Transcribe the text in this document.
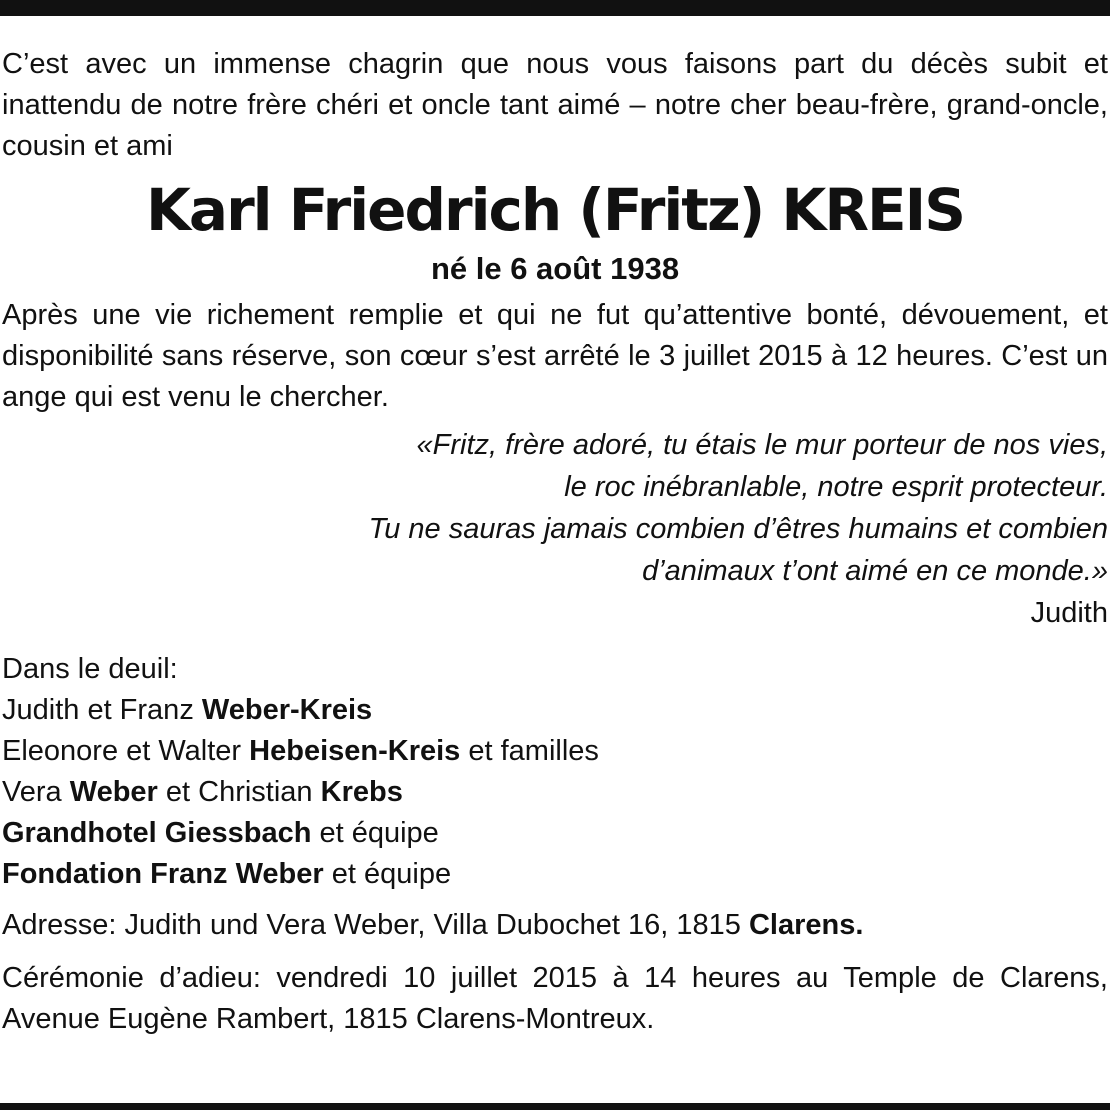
C’est avec un immense chagrin que nous vous faisons part du décès subit et inattendu de notre frère chéri et oncle tant aimé – notre cher beau-frère, grand-oncle, cousin et ami

Karl Friedrich (Fritz) KREIS

né le 6 août 1938

Après une vie richement remplie et qui ne fut qu’attentive bonté, dévouement, et disponibilité sans réserve, son cœur s’est arrêté le 3 juillet 2015 à 12 heures. C’est un ange qui est venu le chercher.

«Fritz, frère adoré, tu étais le mur porteur de nos vies,
le roc inébranlable, notre esprit protecteur.
Tu ne sauras jamais combien d’êtres humains et combien
d’animaux t’ont aimé en ce monde.»

Judith

Dans le deuil:

Judith et Franz Weber-Kreis
Eleonore et Walter Hebeisen-Kreis et familles
Vera Weber et Christian Krebs
Grandhotel Giessbach et équipe
Fondation Franz Weber et équipe

Adresse: Judith und Vera Weber, Villa Dubochet 16, 1815 Clarens.

Cérémonie d’adieu: vendredi 10 juillet 2015 à 14 heures au Temple de Clarens, Avenue Eugène Rambert, 1815 Clarens-Montreux.
